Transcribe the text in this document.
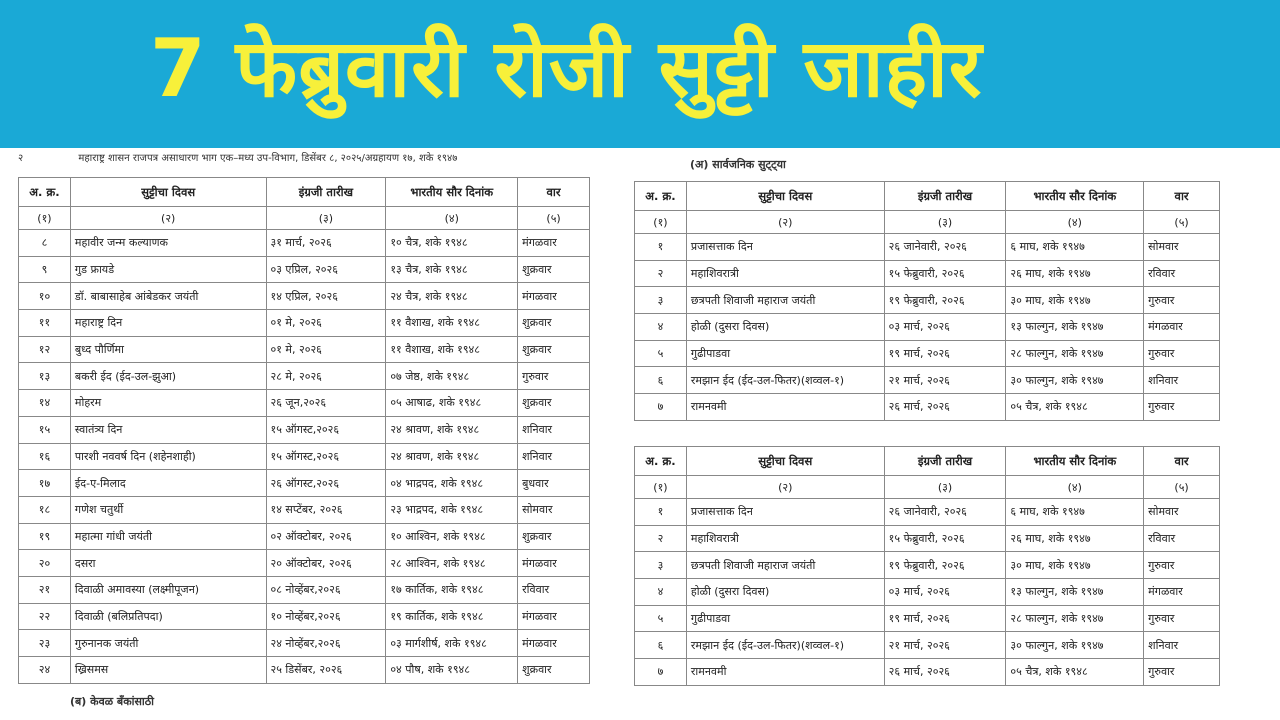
7 फेब्रुवारी रोजी सुट्टी जाहीर
२	महाराष्ट्र शासन राजपत्र असाधारण भाग एक–मध्य उप-विभाग, डिसेंबर ८, २०२५/अग्रहायण १७, शके १९४७	(अ) सार्वजनिक सुट्ट्या
अ. क्र.	सुट्टीचा दिवस	इंग्रजी तारीख	भारतीय सौर दिनांक	वार
(१)	(२)	(३)	(४)	(५)
८	महावीर जन्म कल्याणक	३१ मार्च, २०२६	१० चैत्र, शके १९४८	मंगळवार
९	गुड फ्रायडे	०३ एप्रिल, २०२६	१३ चैत्र, शके १९४८	शुक्रवार
१०	डॉ. बाबासाहेब आंबेडकर जयंती	१४ एप्रिल, २०२६	२४ चैत्र, शके १९४८	मंगळवार
११	महाराष्ट्र दिन	०१ मे, २०२६	११ वैशाख, शके १९४८	शुक्रवार
१२	बुध्द पौर्णिमा	०१ मे, २०२६	११ वैशाख, शके १९४८	शुक्रवार
१३	बकरी ईद (ईद-उल-झुआ)	२८ मे, २०२६	०७ जेष्ठ, शके १९४८	गुरुवार
१४	मोहरम	२६ जून,२०२६	०५ आषाढ, शके १९४८	शुक्रवार
१५	स्वातंत्र्य दिन	१५ ऑगस्ट,२०२६	२४ श्रावण, शके १९४८	शनिवार
१६	पारशी नववर्ष दिन (शहेनशाही)	१५ ऑगस्ट,२०२६	२४ श्रावण, शके १९४८	शनिवार
१७	ईद-ए-मिलाद	२६ ऑगस्ट,२०२६	०४ भाद्रपद, शके १९४८	बुधवार
१८	गणेश चतुर्थी	१४ सप्टेंबर, २०२६	२३ भाद्रपद, शके १९४८	सोमवार
१९	महात्मा गांधी जयंती	०२ ऑक्टोबर, २०२६	१० आश्विन, शके १९४८	शुक्रवार
२०	दसरा	२० ऑक्टोबर, २०२६	२८ आश्विन, शके १९४८	मंगळवार
२१	दिवाळी अमावस्या (लक्ष्मीपूजन)	०८ नोव्हेंबर,२०२६	१७ कार्तिक, शके १९४८	रविवार
२२	दिवाळी (बलिप्रतिपदा)	१० नोव्हेंबर,२०२६	१९ कार्तिक, शके १९४८	मंगळवार
२३	गुरुनानक जयंती	२४ नोव्हेंबर,२०२६	०३ मार्गशीर्ष, शके १९४८	मंगळवार
२४	ख्रिसमस	२५ डिसेंबर, २०२६	०४ पौष, शके १९४८	शुक्रवार
अ. क्र.	सुट्टीचा दिवस	इंग्रजी तारीख	भारतीय सौर दिनांक	वार
(१)	(२)	(३)	(४)	(५)
१	प्रजासत्ताक दिन	२६ जानेवारी, २०२६	६ माघ, शके १९४७	सोमवार
२	महाशिवरात्री	१५ फेब्रुवारी, २०२६	२६ माघ, शके १९४७	रविवार
३	छत्रपती शिवाजी महाराज जयंती	१९ फेब्रुवारी, २०२६	३० माघ, शके १९४७	गुरुवार
४	होळी (दुसरा दिवस)	०३ मार्च, २०२६	१३ फाल्गुन, शके १९४७	मंगळवार
५	गुढीपाडवा	१९ मार्च, २०२६	२८ फाल्गुन, शके १९४७	गुरुवार
६	रमझान ईद (ईद-उल-फितर)(शव्वल-१)	२१ मार्च, २०२६	३० फाल्गुन, शके १९४७	शनिवार
७	रामनवमी	२६ मार्च, २०२६	०५ चैत्र, शके १९४८	गुरुवार
अ. क्र.	सुट्टीचा दिवस	इंग्रजी तारीख	भारतीय सौर दिनांक	वार
(१)	(२)	(३)	(४)	(५)
१	प्रजासत्ताक दिन	२६ जानेवारी, २०२६	६ माघ, शके १९४७	सोमवार
२	महाशिवरात्री	१५ फेब्रुवारी, २०२६	२६ माघ, शके १९४७	रविवार
३	छत्रपती शिवाजी महाराज जयंती	१९ फेब्रुवारी, २०२६	३० माघ, शके १९४७	गुरुवार
४	होळी (दुसरा दिवस)	०३ मार्च, २०२६	१३ फाल्गुन, शके १९४७	मंगळवार
५	गुढीपाडवा	१९ मार्च, २०२६	२८ फाल्गुन, शके १९४७	गुरुवार
६	रमझान ईद (ईद-उल-फितर)(शव्वल-१)	२१ मार्च, २०२६	३० फाल्गुन, शके १९४७	शनिवार
७	रामनवमी	२६ मार्च, २०२६	०५ चैत्र, शके १९४८	गुरुवार
(ब) केवळ बँकांसाठी
